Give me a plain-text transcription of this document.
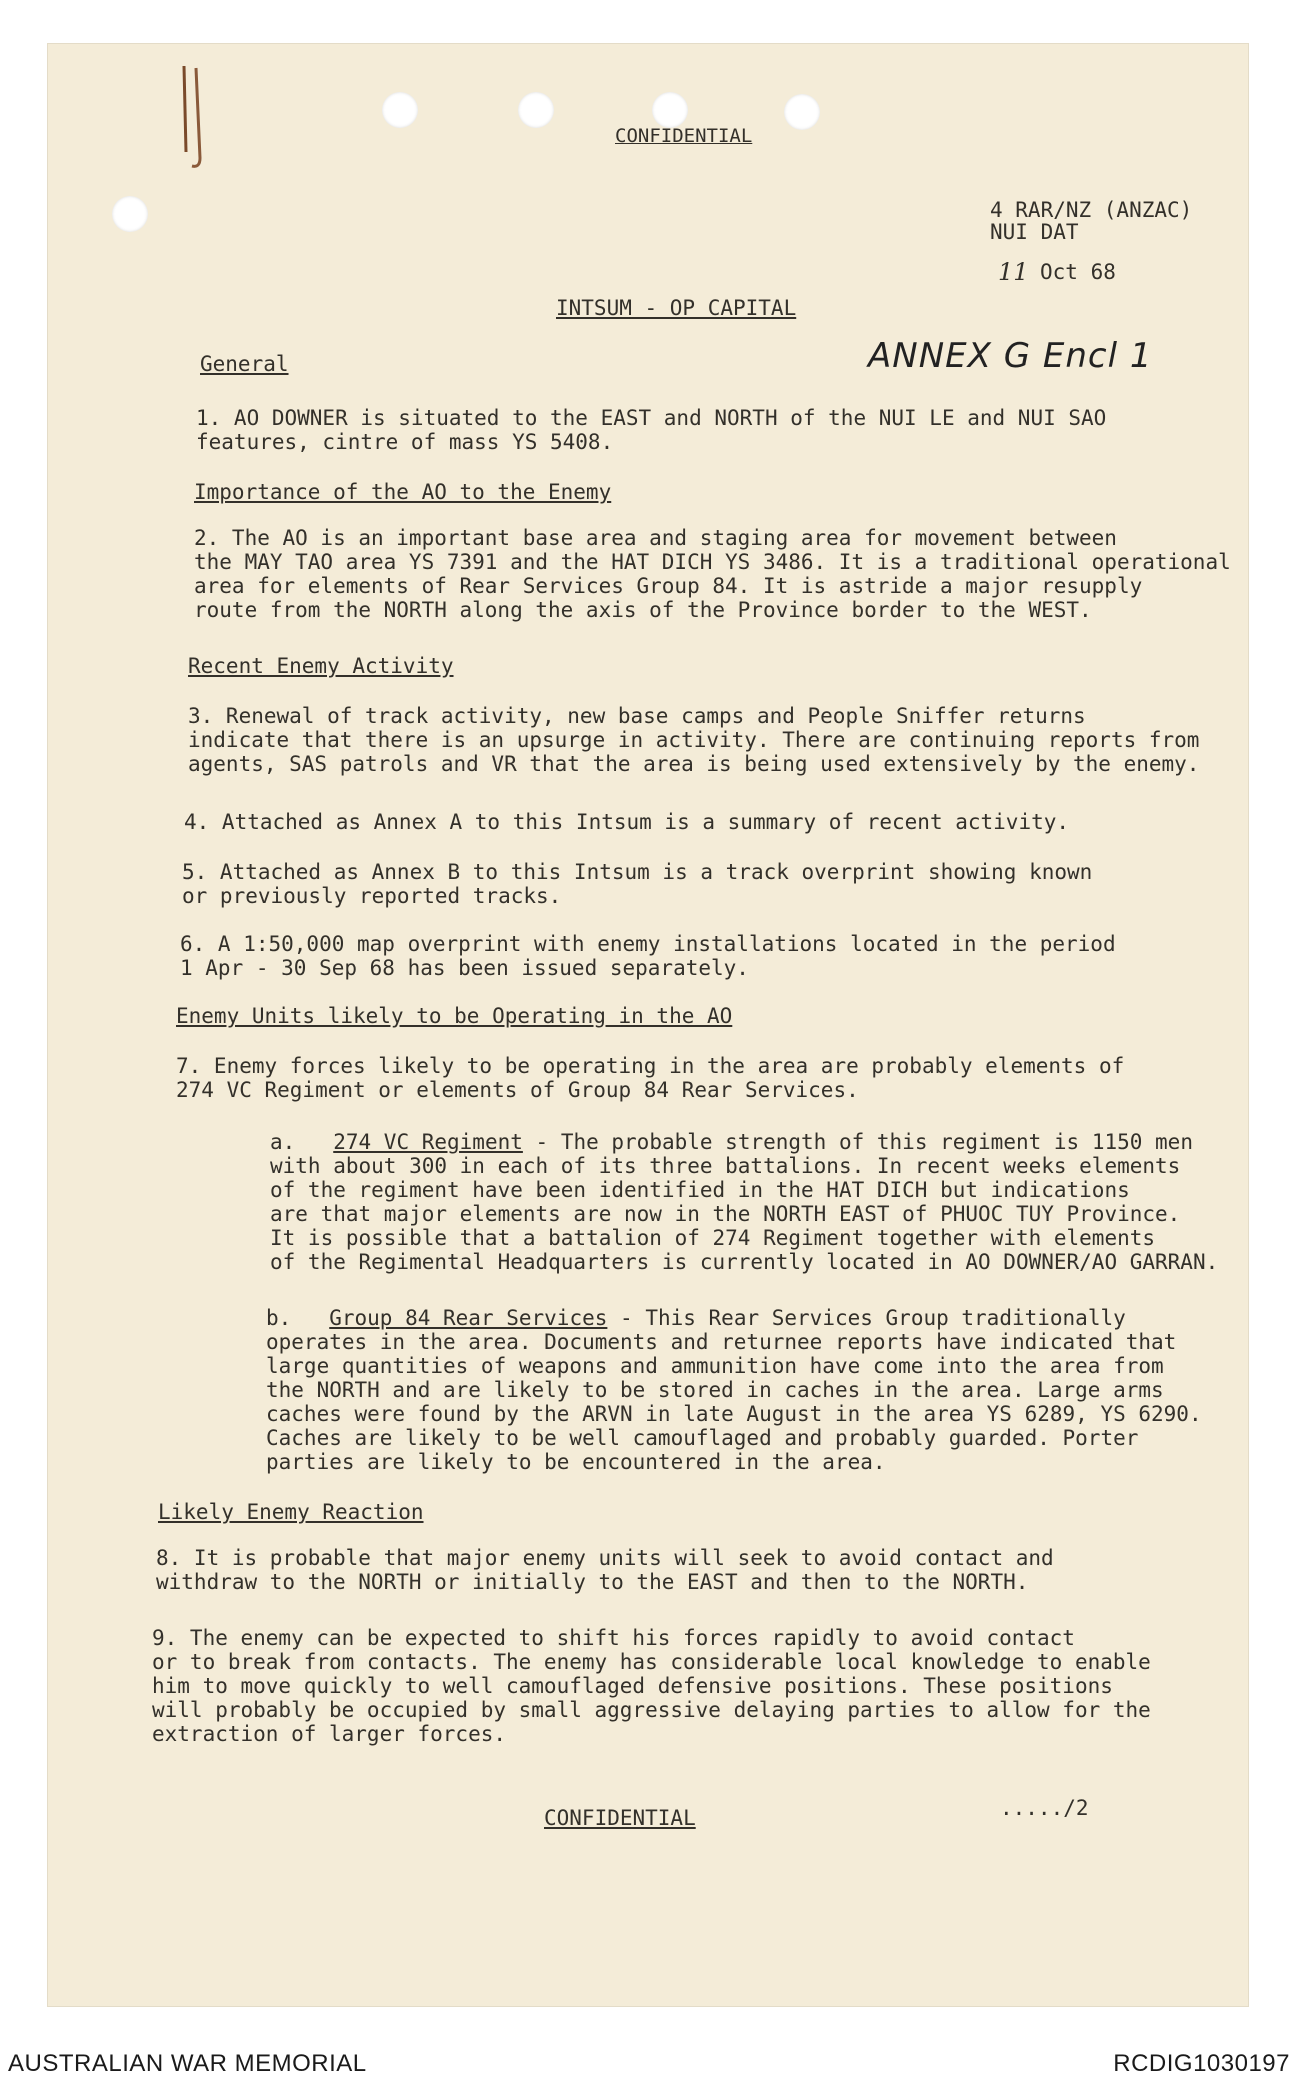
CONFIDENTIAL
4 RAR/NZ (ANZAC)
NUI DAT
11 Oct 68
INTSUM - OP CAPITAL
ANNEX G Encl 1
General
1. AO DOWNER is situated to the EAST and NORTH of the NUI LE and NUI SAO
features, cintre of mass YS 5408.
Importance of the AO to the Enemy
2. The AO is an important base area and staging area for movement between
the MAY TAO area YS 7391 and the HAT DICH YS 3486. It is a traditional operational
area for elements of Rear Services Group 84. It is astride a major resupply
route from the NORTH along the axis of the Province border to the WEST.
Recent Enemy Activity
3. Renewal of track activity, new base camps and People Sniffer returns
indicate that there is an upsurge in activity. There are continuing reports from
agents, SAS patrols and VR that the area is being used extensively by the enemy.
4. Attached as Annex A to this Intsum is a summary of recent activity.
5. Attached as Annex B to this Intsum is a track overprint showing known
or previously reported tracks.
6. A 1:50,000 map overprint with enemy installations located in the period
1 Apr - 30 Sep 68 has been issued separately.
Enemy Units likely to be Operating in the AO
7. Enemy forces likely to be operating in the area are probably elements of
274 VC Regiment or elements of Group 84 Rear Services.
a. 274 VC Regiment - The probable strength of this regiment is 1150 men
with about 300 in each of its three battalions. In recent weeks elements
of the regiment have been identified in the HAT DICH but indications
are that major elements are now in the NORTH EAST of PHUOC TUY Province.
It is possible that a battalion of 274 Regiment together with elements
of the Regimental Headquarters is currently located in AO DOWNER/AO GARRAN.
b. Group 84 Rear Services - This Rear Services Group traditionally
operates in the area. Documents and returnee reports have indicated that
large quantities of weapons and ammunition have come into the area from
the NORTH and are likely to be stored in caches in the area. Large arms
caches were found by the ARVN in late August in the area YS 6289, YS 6290.
Caches are likely to be well camouflaged and probably guarded. Porter
parties are likely to be encountered in the area.
Likely Enemy Reaction
8. It is probable that major enemy units will seek to avoid contact and
withdraw to the NORTH or initially to the EAST and then to the NORTH.
9. The enemy can be expected to shift his forces rapidly to avoid contact
or to break from contacts. The enemy has considerable local knowledge to enable
him to move quickly to well camouflaged defensive positions. These positions
will probably be occupied by small aggressive delaying parties to allow for the
extraction of larger forces.
CONFIDENTIAL	...../2
AUSTRALIAN WAR MEMORIAL	RCDIG1030197
